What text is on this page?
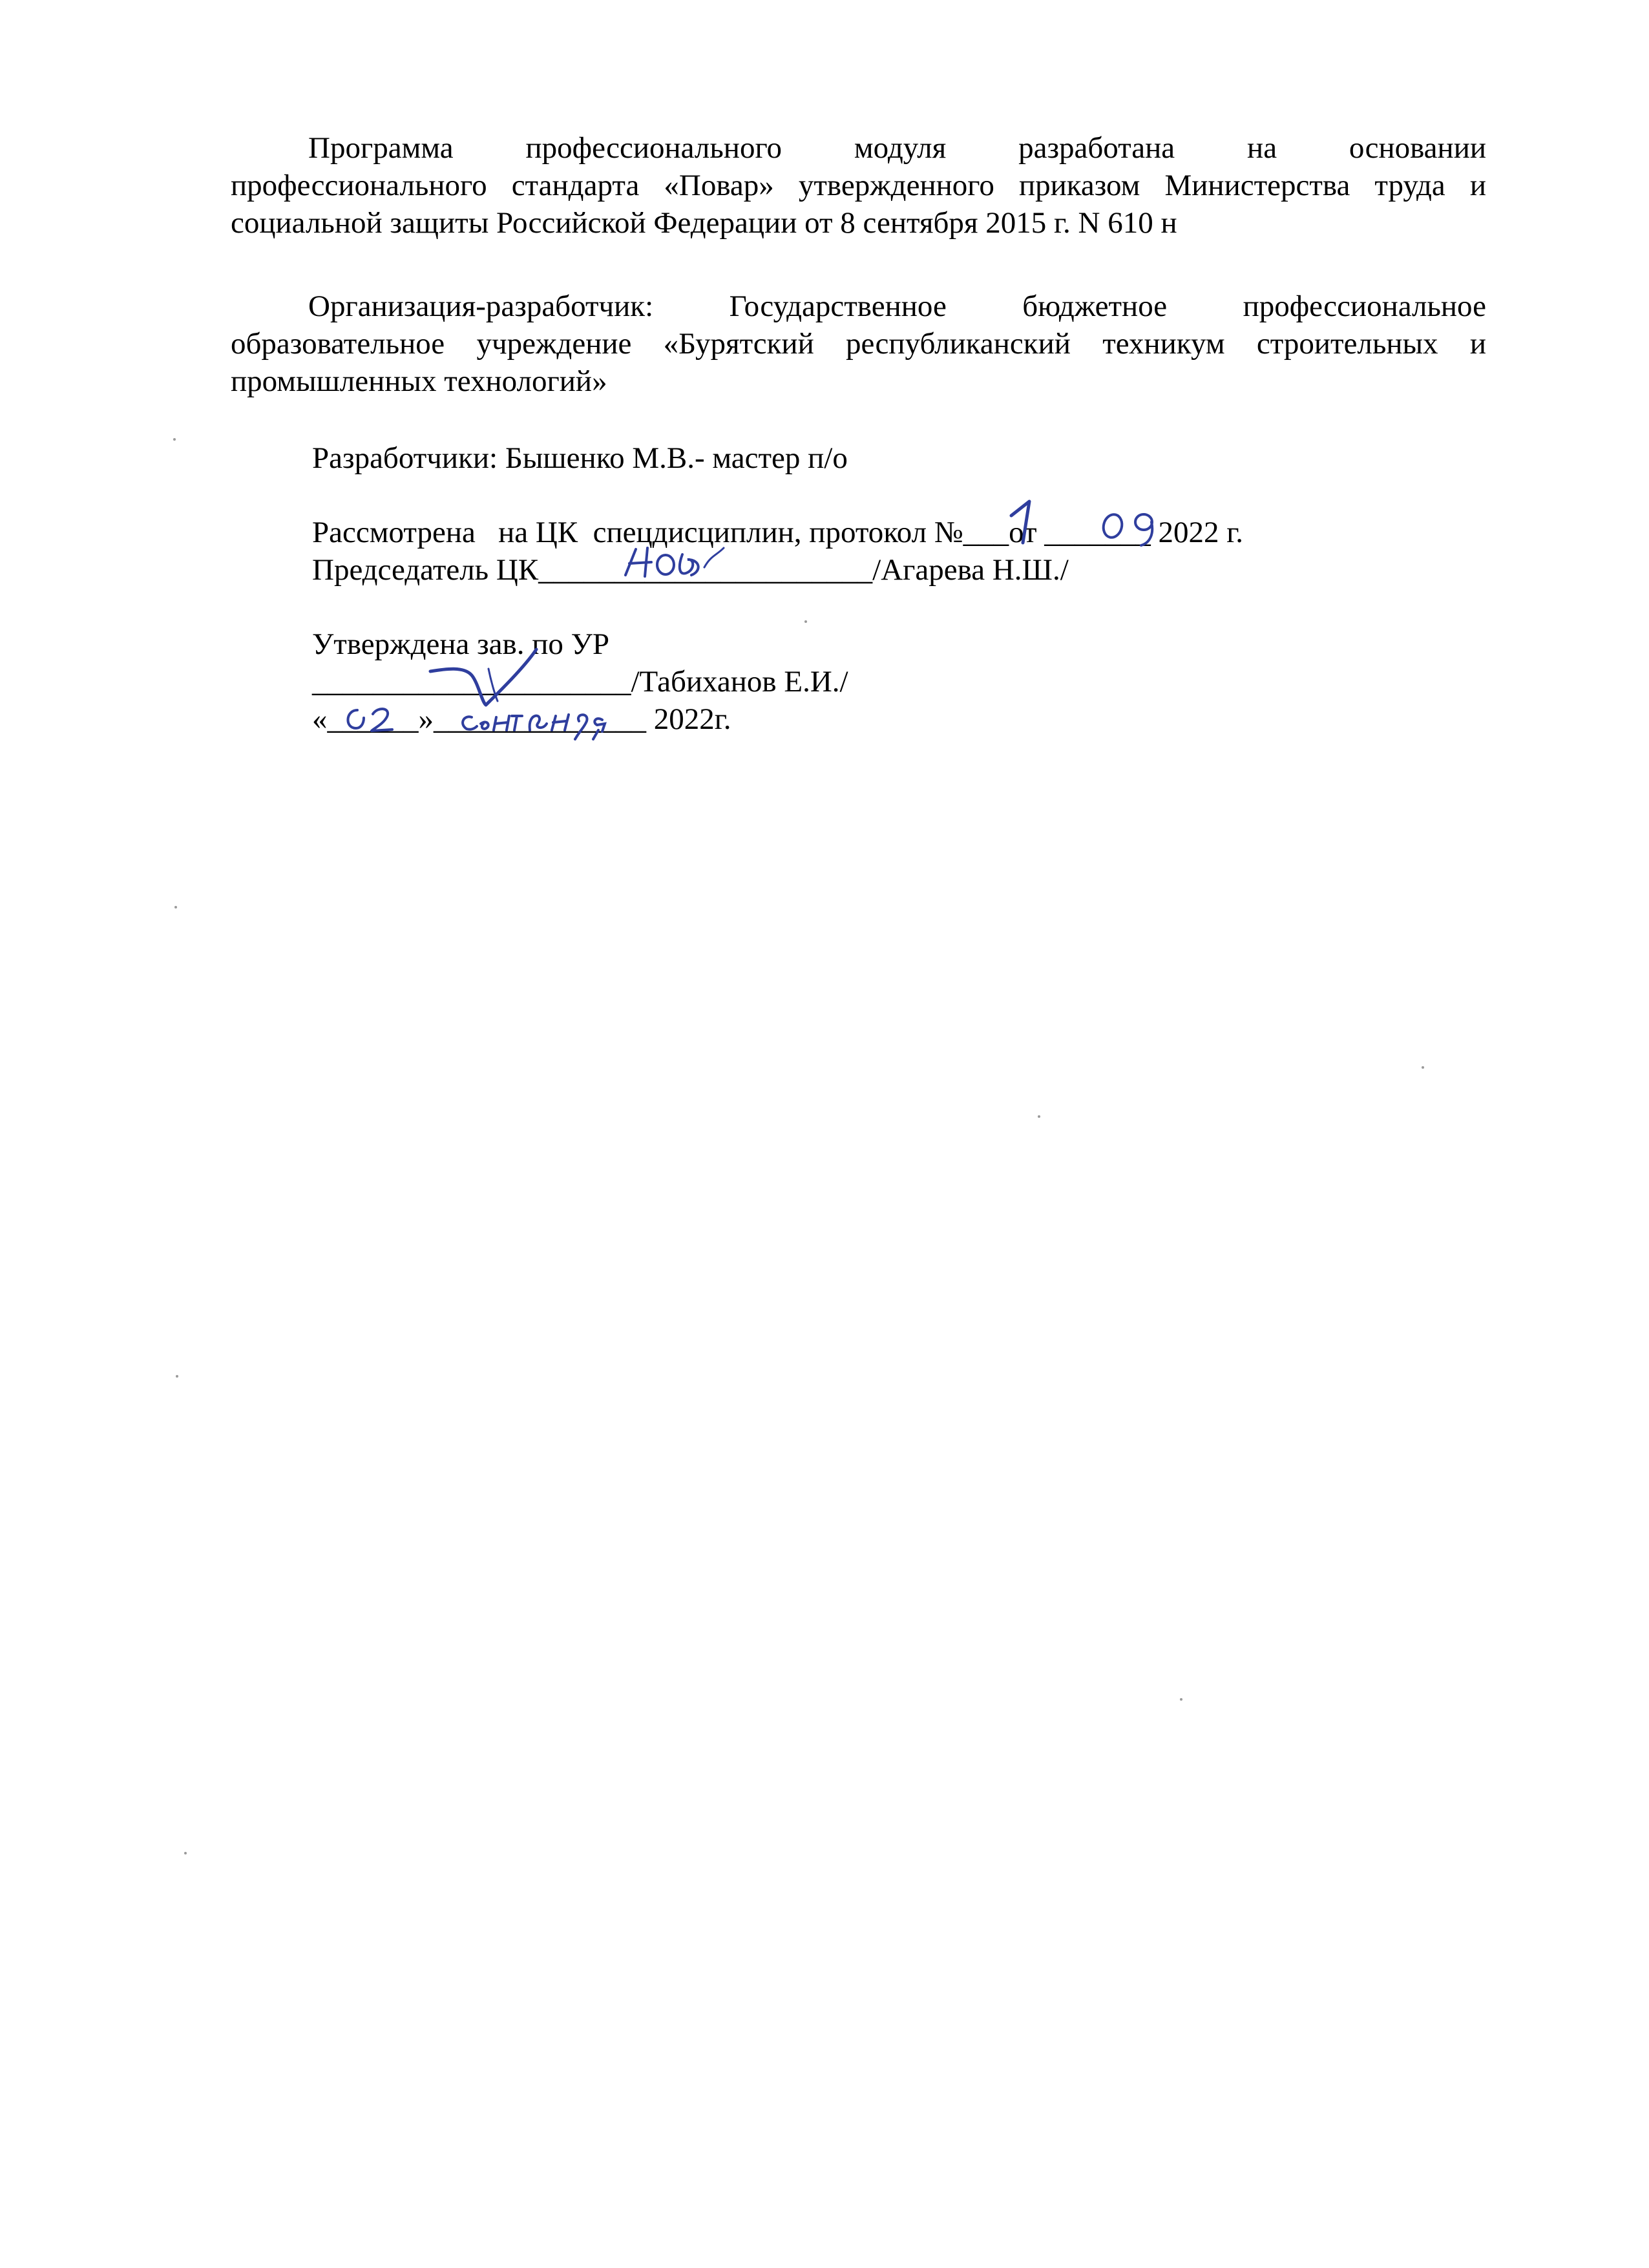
Программа профессионального модуля разработана на основании
профессионального стандарта «Повар» утвержденного приказом Министерства труда и
социальной защиты Российской Федерации от 8 сентября 2015 г. N 610 н
Организация-разработчик: Государственное бюджетное профессиональное
образовательное учреждение «Бурятский республиканский техникум строительных и
промышленных технологий»
Разработчики: Бышенко М.В.- мастер п/о
Рассмотрена   на ЦК  спецдисциплин, протокол №___от _______ 2022 г.
Председатель ЦК______________________/Агарева Н.Ш./
Утверждена зав. по УР
_____________________/Табиханов Е.И./
«______»______________ 2022г.
